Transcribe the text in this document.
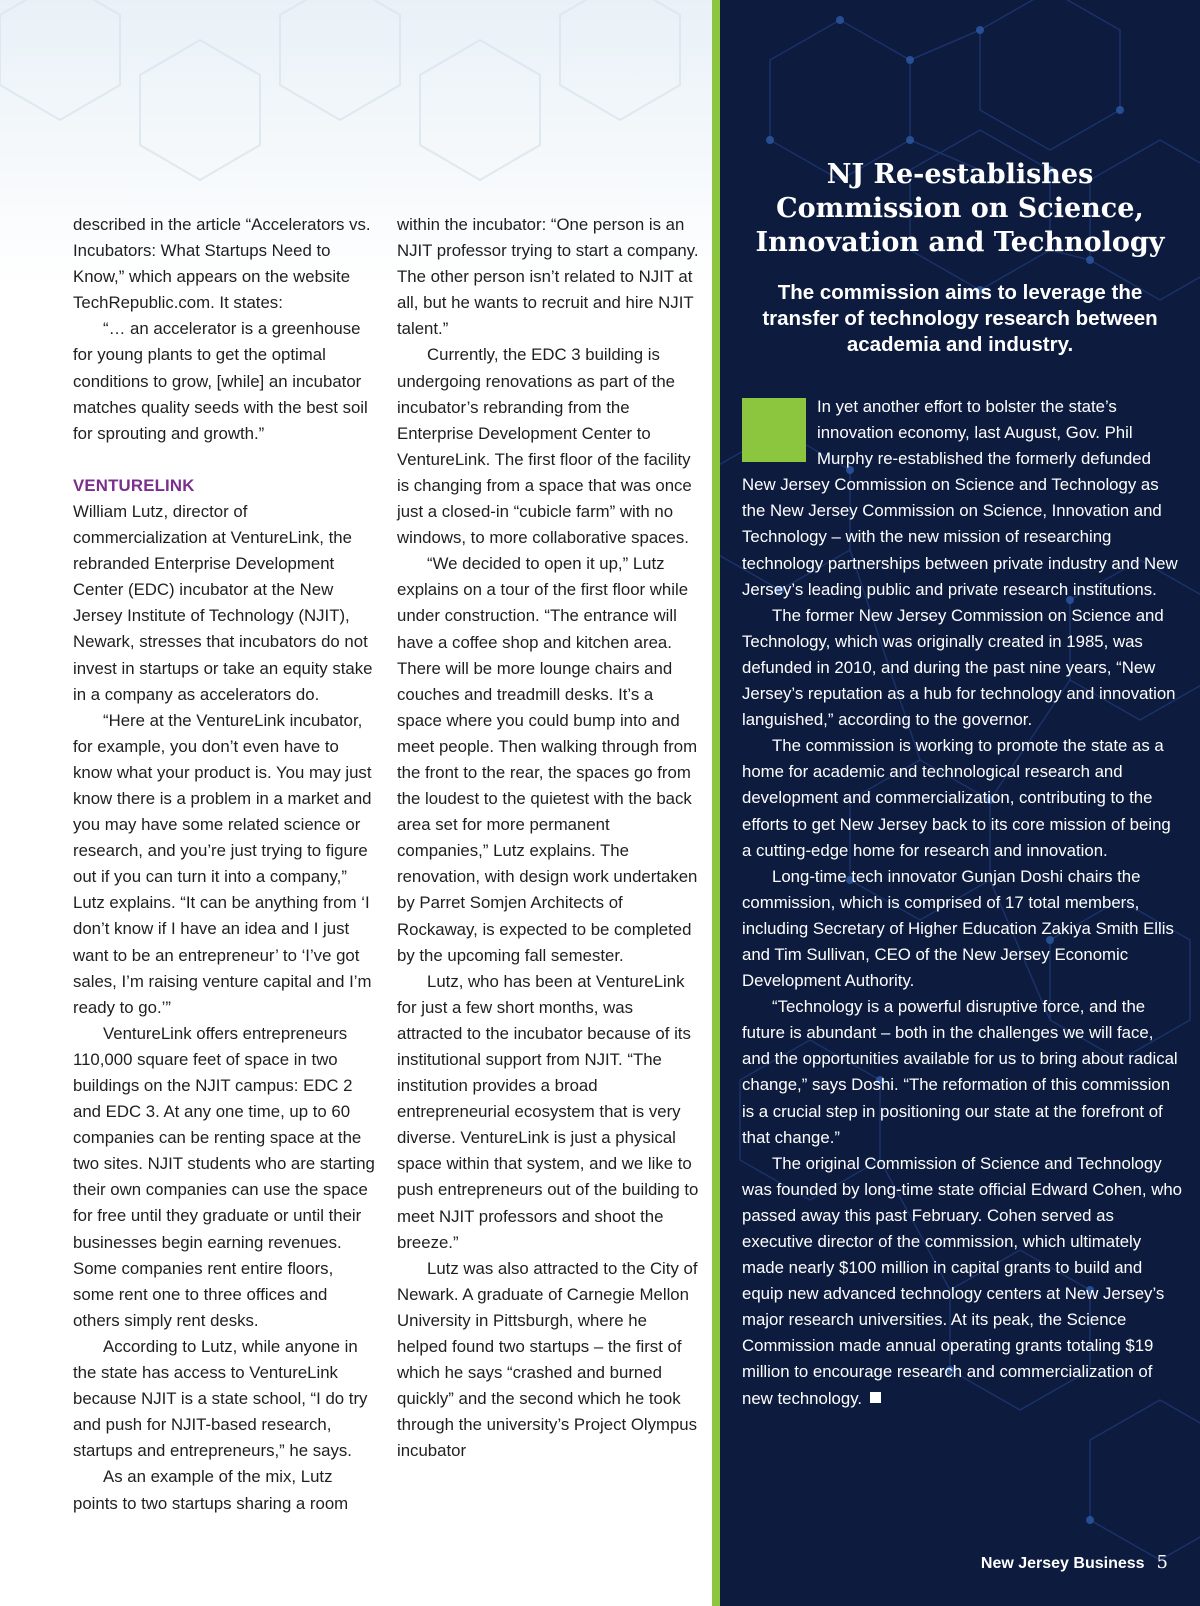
described in the article “Accelerators vs. Incubators: What Startups Need to Know,” which appears on the website TechRepublic.com. It states:

“… an accelerator is a greenhouse for young plants to get the optimal conditions to grow, [while] an incubator matches quality seeds with the best soil for sprouting and growth.”

VENTURELINK

William Lutz, director of commercialization at VentureLink, the rebranded Enterprise Development Center (EDC) incubator at the New Jersey Institute of Technology (NJIT), Newark, stresses that incubators do not invest in startups or take an equity stake in a company as accelerators do.

“Here at the VentureLink incubator, for example, you don’t even have to know what your product is. You may just know there is a problem in a market and you may have some related science or research, and you’re just trying to figure out if you can turn it into a company,” Lutz explains. “It can be anything from ‘I don’t know if I have an idea and I just want to be an entrepreneur’ to ‘I’ve got sales, I’m raising venture capital and I’m ready to go.’”

VentureLink offers entrepreneurs 110,000 square feet of space in two buildings on the NJIT campus: EDC 2 and EDC 3. At any one time, up to 60 companies can be renting space at the two sites. NJIT students who are starting their own companies can use the space for free until they graduate or until their businesses begin earning revenues. Some companies rent entire floors, some rent one to three offices and others simply rent desks.

According to Lutz, while anyone in the state has access to VentureLink because NJIT is a state school, “I do try and push for NJIT-based research, startups and entrepreneurs,” he says.

As an example of the mix, Lutz points to two startups sharing a room

within the incubator: “One person is an NJIT professor trying to start a company. The other person isn’t related to NJIT at all, but he wants to recruit and hire NJIT talent.”

Currently, the EDC 3 building is undergoing renovations as part of the incubator’s rebranding from the Enterprise Development Center to VentureLink. The first floor of the facility is changing from a space that was once just a closed-in “cubicle farm” with no windows, to more collaborative spaces.

“We decided to open it up,” Lutz explains on a tour of the first floor while under construction. “The entrance will have a coffee shop and kitchen area. There will be more lounge chairs and couches and treadmill desks. It’s a space where you could bump into and meet people. Then walking through from the front to the rear, the spaces go from the loudest to the quietest with the back area set for more permanent companies,” Lutz explains. The renovation, with design work undertaken by Parret Somjen Architects of Rockaway, is expected to be completed by the upcoming fall semester.

Lutz, who has been at VentureLink for just a few short months, was attracted to the incubator because of its institutional support from NJIT. “The institution provides a broad entrepreneurial ecosystem that is very diverse. VentureLink is just a physical space within that system, and we like to push entrepreneurs out of the building to meet NJIT professors and shoot the breeze.”

Lutz was also attracted to the City of Newark. A graduate of Carnegie Mellon University in Pittsburgh, where he helped found two startups – the first of which he says “crashed and burned quickly” and the second which he took through the university’s Project Olympus incubator

NJ Re-establishes Commission on Science, Innovation and Technology
The commission aims to leverage the transfer of technology research between academia and industry.

In yet another effort to bolster the state’s innovation economy, last August, Gov. Phil Murphy re-established the formerly defunded New Jersey Commission on Science and Technology as the New Jersey Commission on Science, Innovation and Technology – with the new mission of researching technology partnerships between private industry and New Jersey’s leading public and private research institutions.

The former New Jersey Commission on Science and Technology, which was originally created in 1985, was defunded in 2010, and during the past nine years, “New Jersey’s reputation as a hub for technology and innovation languished,” according to the governor.

The commission is working to promote the state as a home for academic and technological research and development and commercialization, contributing to the efforts to get New Jersey back to its core mission of being a cutting-edge home for research and innovation.

Long-time tech innovator Gunjan Doshi chairs the commission, which is comprised of 17 total members, including Secretary of Higher Education Zakiya Smith Ellis and Tim Sullivan, CEO of the New Jersey Economic Development Authority.

“Technology is a powerful disruptive force, and the future is abundant – both in the challenges we will face, and the opportunities available for us to bring about radical change,” says Doshi. “The reformation of this commission is a crucial step in positioning our state at the forefront of that change.”

The original Commission of Science and Technology was founded by long-time state official Edward Cohen, who passed away this past February. Cohen served as executive director of the commission, which ultimately made nearly $100 million in capital grants to build and equip new advanced technology centers at New Jersey’s major research universities. At its peak, the Science Commission made annual operating grants totaling $19 million to encourage research and commercialization of new technology.

New Jersey Business 5
